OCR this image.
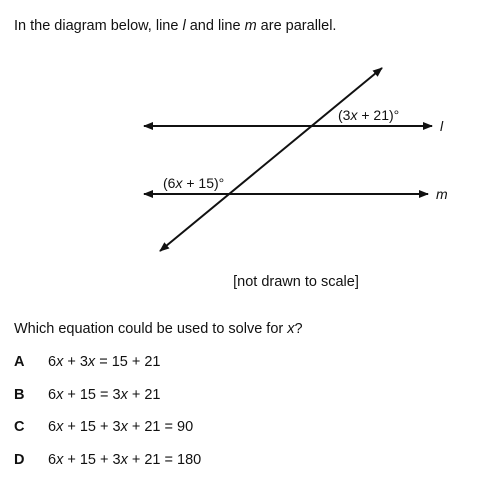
In the diagram below, line l and line m are parallel.
l
m
(3x + 21)°
(6x + 15)°
[not drawn to scale]
Which equation could be used to solve for x?
A 6x + 3x = 15 + 21
B 6x + 15 = 3x + 21
C 6x + 15 + 3x + 21 = 90
D 6x + 15 + 3x + 21 = 180
